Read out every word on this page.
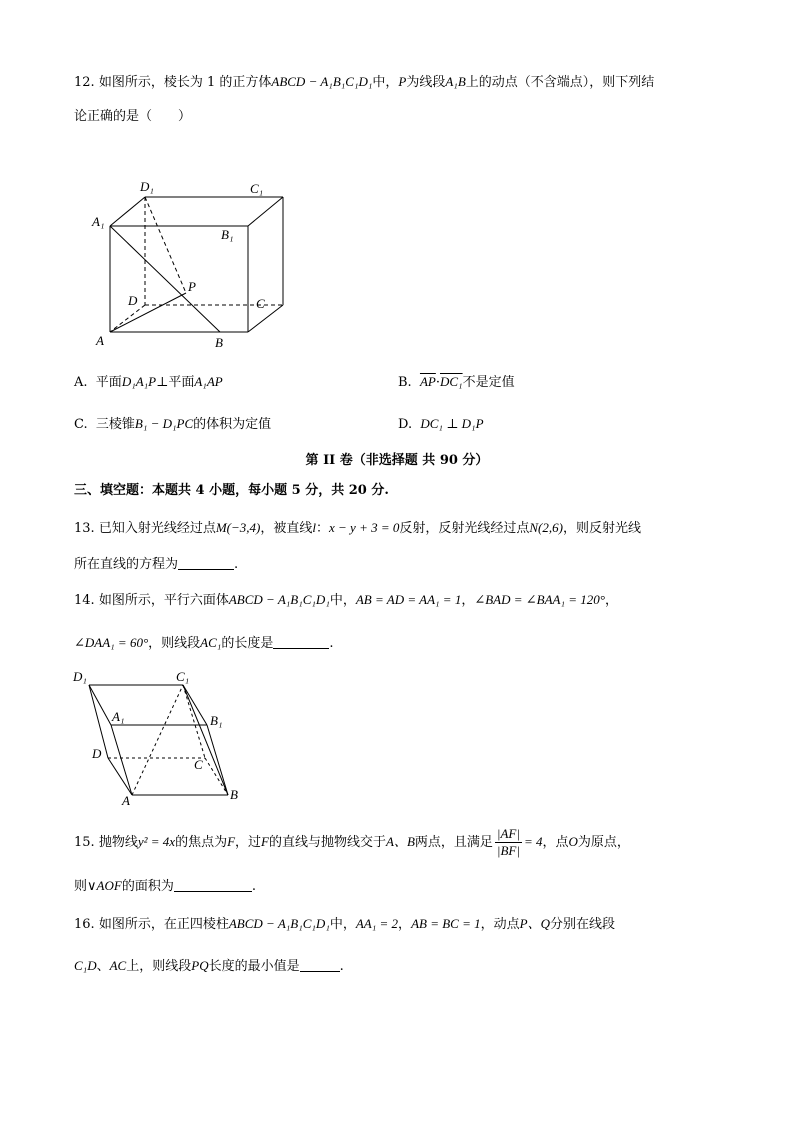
12. 如图所示，棱长为 1 的正方体ABCD − A₁B₁C₁D₁中，P为线段A₁B上的动点（不含端点），则下列结
论正确的是（　　）
D₁	C₁
A₁
B₁
D
P
C
A	B
A. 平面D₁A₁P⊥平面A₁AP	B. $\overline{AP}\cdot DC_1$不是定值
C. 三棱锥B₁ − D₁PC的体积为定值	D. DC₁ ⊥ D₁P
第 II 卷（非选择题 共 90 分）
三、填空题：本题共 4 小题，每小题 5 分，共 20 分.
13. 已知入射光线经过点M(−3,4)，被直线l：x − y + 3 = 0反射，反射光线经过点N(2,6)，则反射光线
所在直线的方程为	.
14. 如图所示，平行六面体ABCD − A₁B₁C₁D₁中，AB = AD = AA₁ = 1，∠BAD = ∠BAA₁ = 120°，
∠DAA₁ = 60°，则线段AC₁的长度是	.
D₁	C₁
A₁	B₁
D
C
A	B
15. 抛物线y² = 4x的焦点为F，过F的直线与抛物线交于A、B两点，且满足 $\frac{|AF|}{|BF|} = 4$，点O为原点，
则∨AOF的面积为	.
16. 如图所示，在正四棱柱ABCD − A₁B₁C₁D₁中，AA₁ = 2，AB = BC = 1，动点P、Q分别在线段
C₁D、AC上，则线段PQ长度的最小值是	.
